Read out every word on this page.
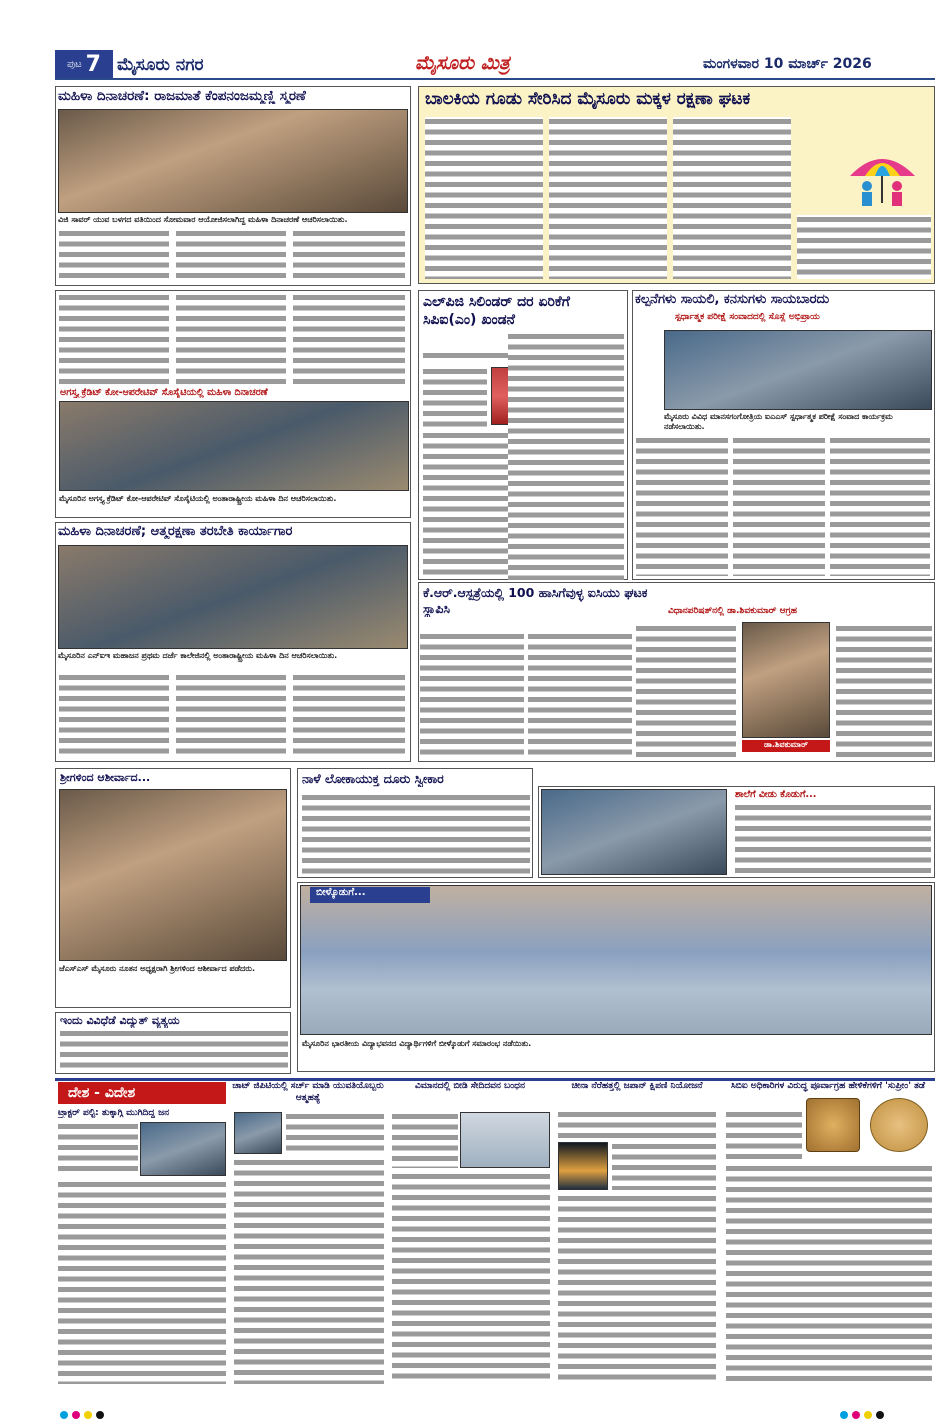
ಪುಟ 7 ಮೈಸೂರು ನಗರ	ಮೈಸೂರು ಮಿತ್ರ	ಮಂಗಳವಾರ 10 ಮಾರ್ಚ್ 2026
ಮಹಿಳಾ ದಿನಾಚರಣೆ: ರಾಜಮಾತೆ ಕೆಂಪನಂಜಮ್ಮಣ್ಣಿ ಸ್ಮರಣೆ
ವಿಜಿ ಸಾವರ್ ಯುವ ಬಳಗದ ವತಿಯಿಂದ ಸೋಮವಾರ ಆಯೋಜಿಸಲಾಗಿದ್ದ ಮಹಿಳಾ ದಿನಾಚರಣೆ ಆಚರಿಸಲಾಯಿತು.
ಬಾಲಕಿಯ ಗೂಡು ಸೇರಿಸಿದ ಮೈಸೂರು ಮಕ್ಕಳ ರಕ್ಷಣಾ ಘಟಕ
ಅಗಸ್ತ್ಯ ಕ್ರೆಡಿಟ್ ಕೋ-ಆಪರೇಟಿವ್ ಸೊಸೈಟಿಯಲ್ಲಿ ಮಹಿಳಾ ದಿನಾಚರಣೆ
ಮೈಸೂರಿನ ಅಗಸ್ತ್ಯ ಕ್ರೆಡಿಟ್ ಕೋ-ಆಪರೇಟಿವ್ ಸೊಸೈಟಿಯಲ್ಲಿ ಅಂತಾರಾಷ್ಟ್ರೀಯ ಮಹಿಳಾ ದಿನ ಆಚರಿಸಲಾಯಿತು.
ಎಲ್‌ಪಿಜಿ ಸಿಲಿಂಡರ್ ದರ ಏರಿಕೆಗೆ ಸಿಪಿಐ(ಎಂ) ಖಂಡನೆ
ಕಲ್ಪನೆಗಳು ಸಾಯಲಿ, ಕನಸುಗಳು ಸಾಯಬಾರದು
ಸ್ಪರ್ಧಾತ್ಮಕ ಪರೀಕ್ಷೆ ಸಂವಾದದಲ್ಲಿ ಸೊಸ್ಲೆ ಅಭಿಪ್ರಾಯ
ಮೈಸೂರು ವಿವಿಧ ಮಾನಸಗಂಗೋತ್ರಿಯ ಐಎಎಸ್ ಸ್ಪರ್ಧಾತ್ಮಕ ಪರೀಕ್ಷೆ ಸಂವಾದ ಕಾರ್ಯಕ್ರಮ ನಡೆಸಲಾಯಿತು.
ಮಹಿಳಾ ದಿನಾಚರಣೆ; ಆತ್ಮರಕ್ಷಣಾ ತರಬೇತಿ ಕಾರ್ಯಾಗಾರ
ಮೈಸೂರಿನ ಎನ್‌ಐಇ ಮಹಾಜನ ಪ್ರಥಮ ದರ್ಜೆ ಕಾಲೇಜಿನಲ್ಲಿ ಅಂತಾರಾಷ್ಟ್ರೀಯ ಮಹಿಳಾ ದಿನ ಆಚರಿಸಲಾಯಿತು.
ಕೆ.ಆರ್.ಆಸ್ಪತ್ರೆಯಲ್ಲಿ 100 ಹಾಸಿಗೆವುಳ್ಳ ಐಸಿಯು ಘಟಕ ಸ್ಥಾಪಿಸಿ	ವಿಧಾನಪರಿಷತ್‌ನಲ್ಲಿ ಡಾ.ಶಿವಕುಮಾರ್ ಆಗ್ರಹ
ಡಾ.ಶಿವಕುಮಾರ್
ಶ್ರೀಗಳಿಂದ ಆಶೀರ್ವಾದ...
ಜೆಎಸ್‌ಎಸ್ ಮೈಸೂರು ನೂತನ ಅಧ್ಯಕ್ಷರಾಗಿ ಶ್ರೀಗಳಿಂದ ಆಶೀರ್ವಾದ ಪಡೆದರು.
ನಾಳೆ ಲೋಕಾಯುಕ್ತ ದೂರು ಸ್ವೀಕಾರ
ಶಾಲೆಗೆ ವೀಡು ಕೊಡುಗೆ...
ಬೀಳ್ಕೊಡುಗೆ...
ಮೈಸೂರಿನ ಭಾರತೀಯ ವಿದ್ಯಾಭವನದ ವಿದ್ಯಾರ್ಥಿಗಳಿಗೆ ಬೀಳ್ಕೊಡುಗೆ ಸಮಾರಂಭ ನಡೆಯಿತು.
ಇಂದು ವಿವಿಧೆಡೆ ವಿದ್ಯುತ್ ವ್ಯತ್ಯಯ
ದೇಶ - ವಿದೇಶ
ಟ್ರ್ಯಾಕ್ಟರ್ ಪಲ್ಟಿ: ತುಕ್ಕಾಗ್ಗಿ ಮುಗಿದಿದ್ದ ಜನ
ಚಾಟ್ ಜಿಪಿಟಿಯಲ್ಲಿ ಸರ್ಚ್ ಮಾಡಿ ಯುವತಿಯೊಬ್ಬರು ಆತ್ಮಹತ್ಯೆ
ವಿಮಾನದಲ್ಲಿ ಬೀಡಿ ಸೇದಿದವನ ಬಂಧನ	ಚೀನಾ ನೆರೆಹತ್ತಲ್ಲಿ ಜಪಾನ್ ಕ್ಷಿಪಣಿ ನಿಯೋಜನೆ	ಸಿಬಿಐ ಅಧಿಕಾರಿಗಳ ವಿರುದ್ಧ ಪೂರ್ವಾಗ್ರಹ ಹೇಳಿಕೆಗಳಿಗೆ 'ಸುಪ್ರೀಂ' ತಡೆ
